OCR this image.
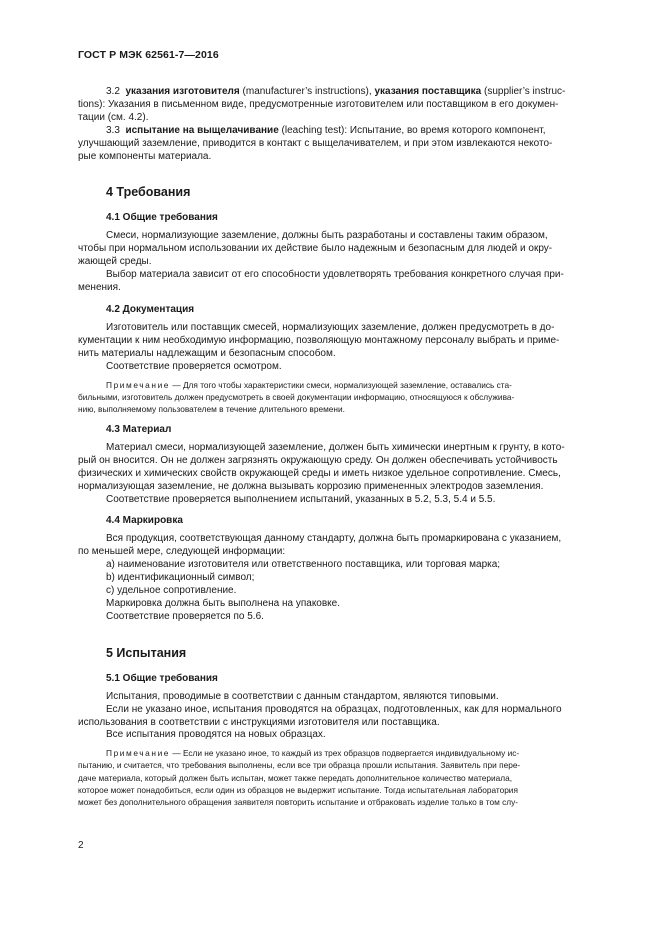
ГОСТ Р МЭК 62561-7—2016

3.2 указания изготовителя (manufacturer’s instructions), указания поставщика (supplier’s instruc-

tions): Указания в письменном виде, предусмотренные изготовителем или поставщиком в его докумен-

тации (см. 4.2).

3.3 испытание на выщелачивание (leaching test): Испытание, во время которого компонент,

улучшающий заземление, приводится в контакт с выщелачивателем, и при этом извлекаются некото-

рые компоненты материала.

4 Требования
4.1 Общие требования

Смеси, нормализующие заземление, должны быть разработаны и составлены таким образом,

чтобы при нормальном использовании их действие было надежным и безопасным для людей и окру-

жающей среды.

Выбор материала зависит от его способности удовлетворять требования конкретного случая при-

менения.

4.2 Документация

Изготовитель или поставщик смесей, нормализующих заземление, должен предусмотреть в до-

кументации к ним необходимую информацию, позволяющую монтажному персоналу выбрать и приме-

нить материалы надлежащим и безопасным способом.

Соответствие проверяется осмотром.

Примечание — Для того чтобы характеристики смеси, нормализующей заземление, оставались ста-

бильными, изготовитель должен предусмотреть в своей документации информацию, относящуюся к обслужива-

нию, выполняемому пользователем в течение длительного времени.

4.3 Материал

Материал смеси, нормализующей заземление, должен быть химически инертным к грунту, в кото-

рый он вносится. Он не должен загрязнять окружающую среду. Он должен обеспечивать устойчивость

физических и химических свойств окружающей среды и иметь низкое удельное сопротивление. Смесь,

нормализующая заземление, не должна вызывать коррозию примененных электродов заземления.

Соответствие проверяется выполнением испытаний, указанных в 5.2, 5.3, 5.4 и 5.5.

4.4 Маркировка

Вся продукция, соответствующая данному стандарту, должна быть промаркирована с указанием,

по меньшей мере, следующей информации:

a) наименование изготовителя или ответственного поставщика, или торговая марка;

b) идентификационный символ;

c) удельное сопротивление.

Маркировка должна быть выполнена на упаковке.

Соответствие проверяется по 5.6.

5 Испытания
5.1 Общие требования

Испытания, проводимые в соответствии с данным стандартом, являются типовыми.

Если не указано иное, испытания проводятся на образцах, подготовленных, как для нормального

использования в соответствии с инструкциями изготовителя или поставщика.

Все испытания проводятся на новых образцах.

Примечание — Если не указано иное, то каждый из трех образцов подвергается индивидуальному ис-

пытанию, и считается, что требования выполнены, если все три образца прошли испытания. Заявитель при пере-

даче материала, который должен быть испытан, может также передать дополнительное количество материала,

которое может понадобиться, если один из образцов не выдержит испытание. Тогда испытательная лаборатория

может без дополнительного обращения заявителя повторить испытание и отбраковать изделие только в том слу-

2
